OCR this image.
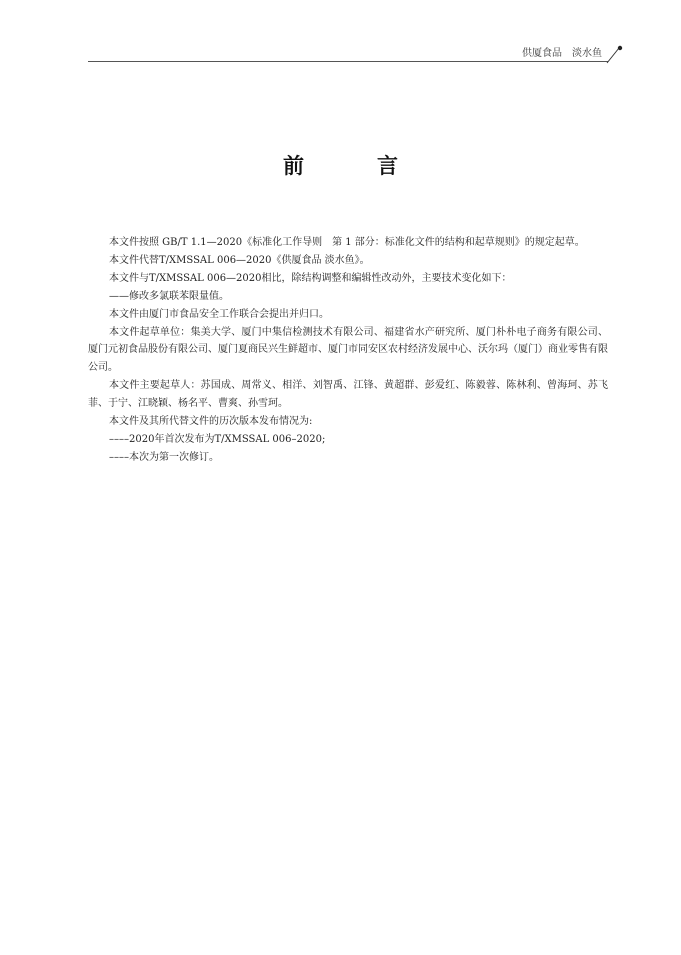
供厦食品　淡水鱼
前　言

本文件按照 GB/T 1.1—2020《标准化工作导则　第 1 部分：标准化文件的结构和起草规则》的规定起草。

本文件代替T/XMSSAL 006—2020《供厦食品 淡水鱼》。

本文件与T/XMSSAL 006—2020相比，除结构调整和编辑性改动外，主要技术变化如下：

——修改多氯联苯限量值。

本文件由厦门市食品安全工作联合会提出并归口。

本文件起草单位：集美大学、厦门中集信检测技术有限公司、福建省水产研究所、厦门朴朴电子商务有限公司、厦门元初食品股份有限公司、厦门夏商民兴生鲜超市、厦门市同安区农村经济发展中心、沃尔玛（厦门）商业零售有限公司。

本文件主要起草人：苏国成、周常义、相洋、刘智禹、江锋、黄超群、彭爱红、陈毅蓉、陈林利、曾海珂、苏飞菲、于宁、江晓颖、杨名平、曹爽、孙雪珂。

本文件及其所代替文件的历次版本发布情况为:

––––2020年首次发布为T/XMSSAL 006–2020;

––––本次为第一次修订。
